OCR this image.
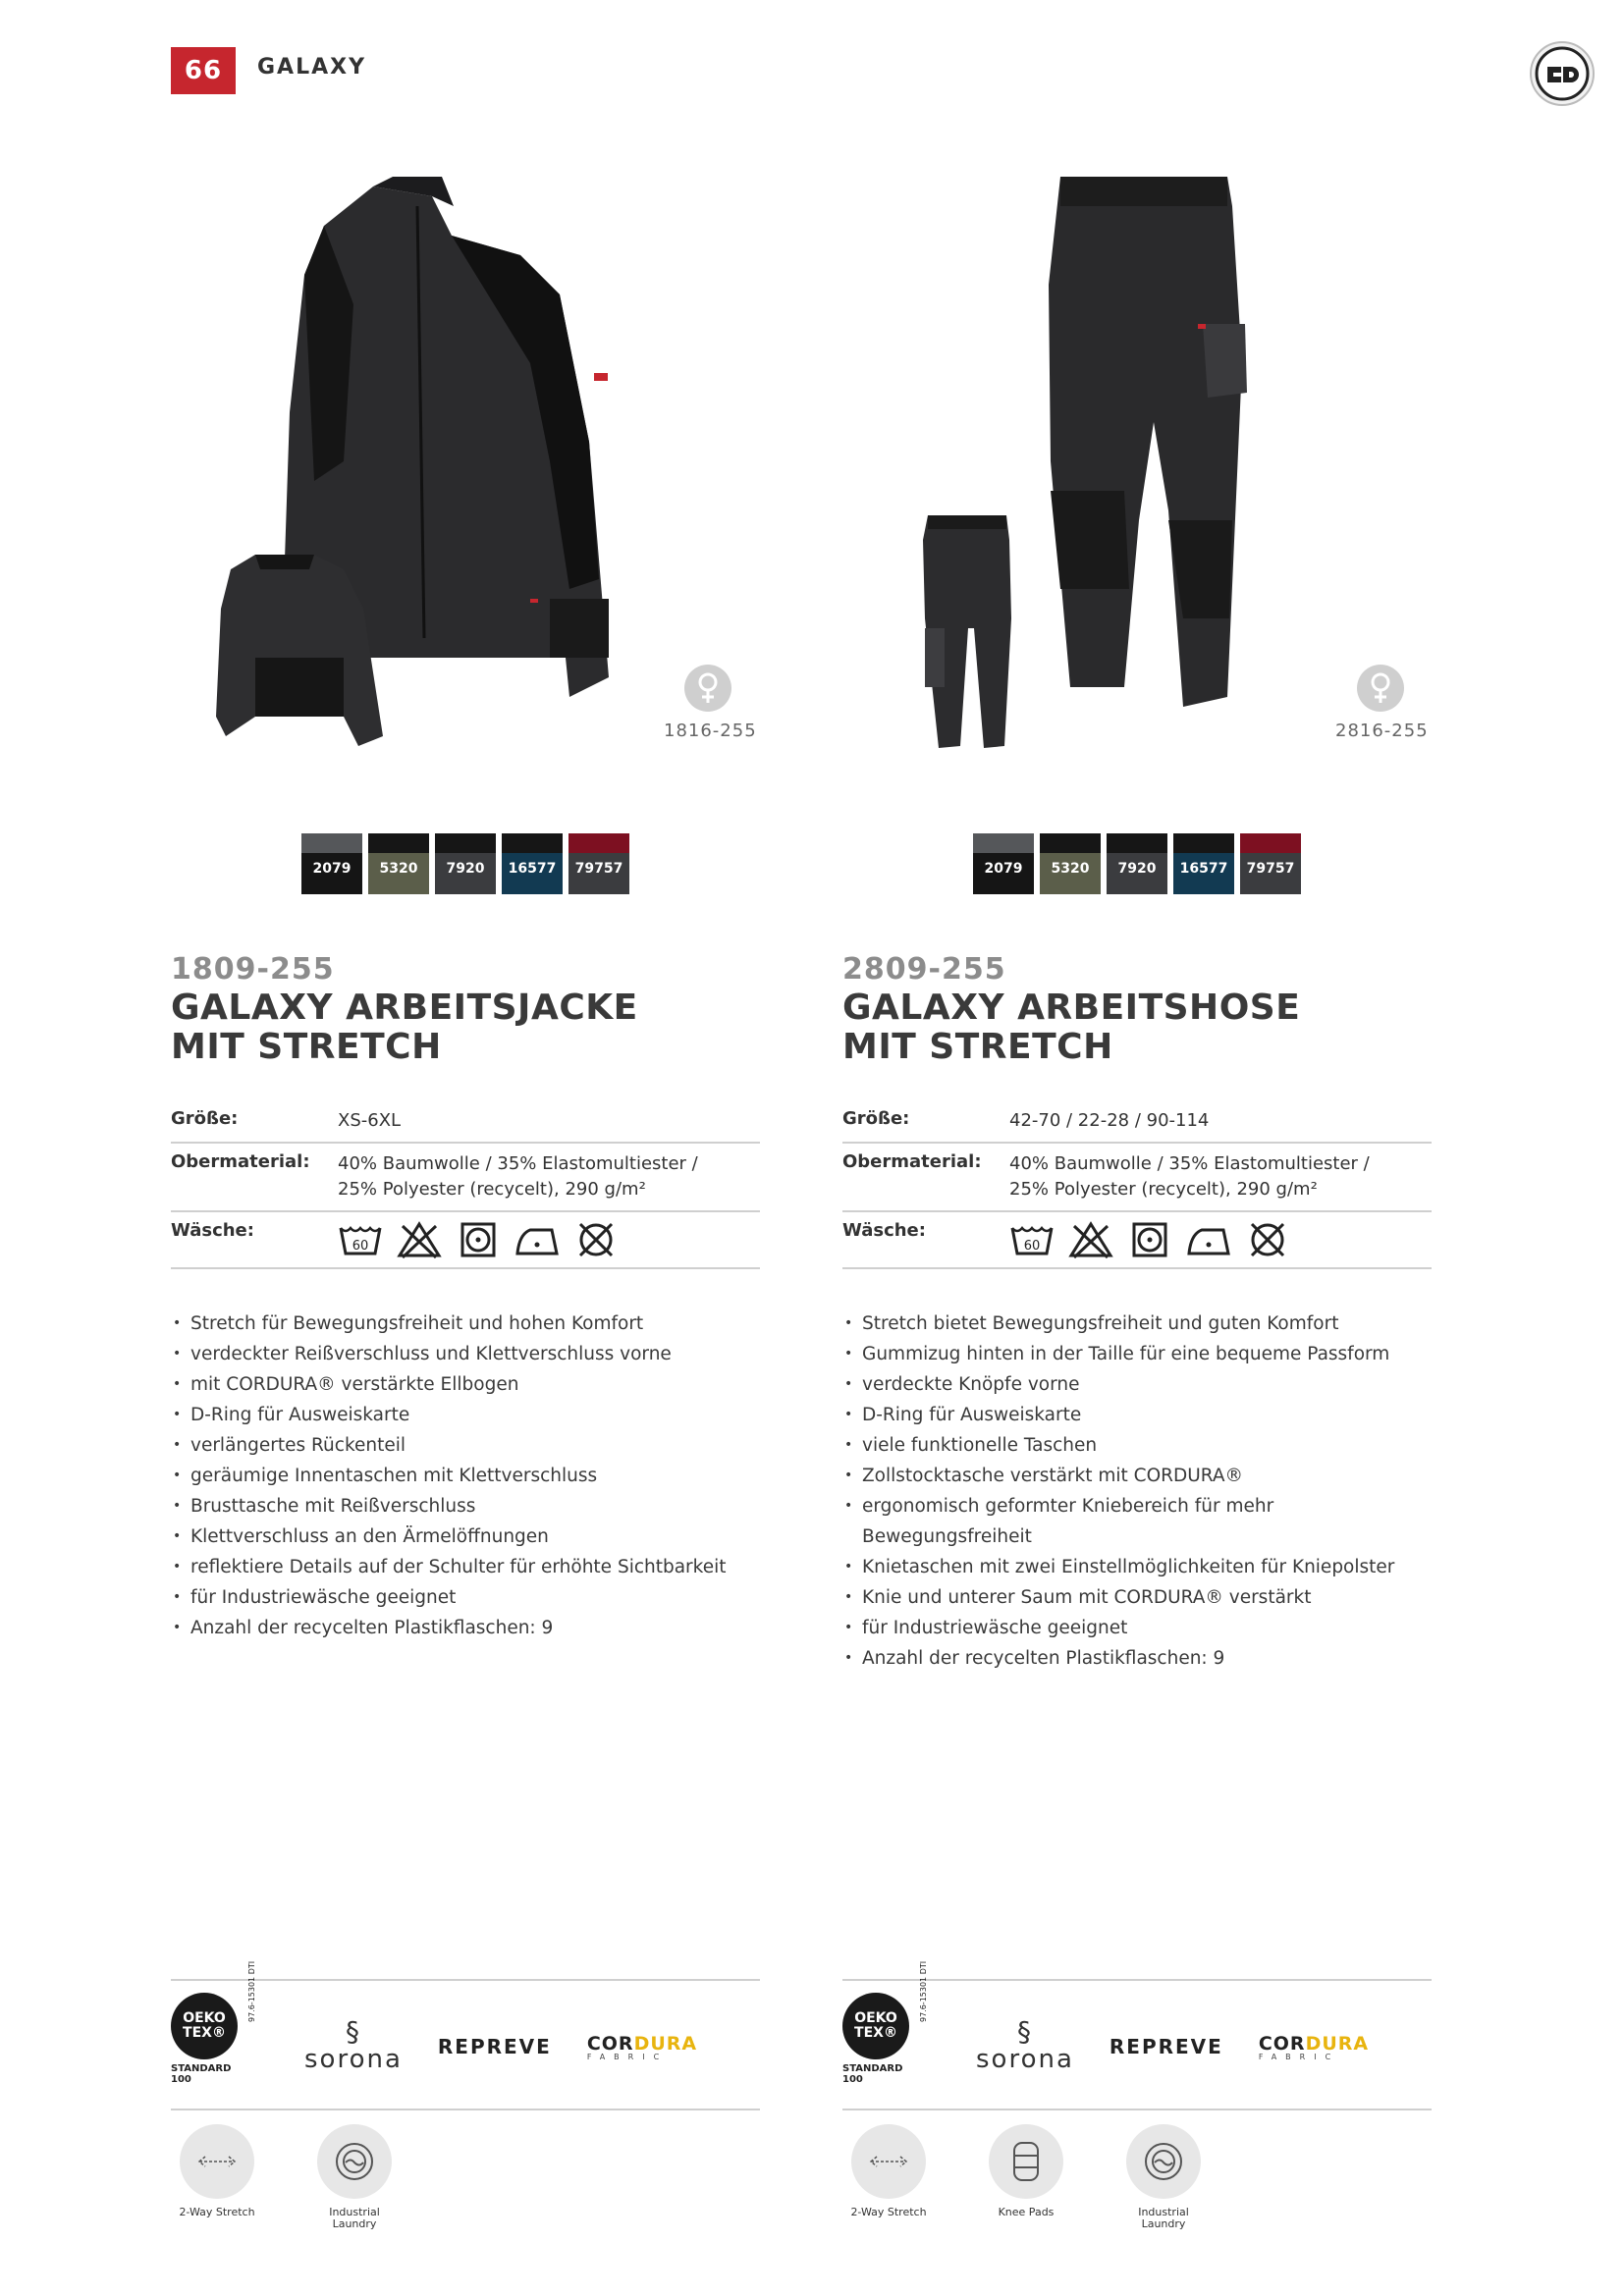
66 GALAXY
1816-255	2816-255
2079	5320	7920	16577	79757	2079	5320	7920	16577	79757
1809-255
GALAXY ARBEITSJACKE
MIT STRETCH
Größe:	XS-6XL
Obermaterial:	40% Baumwolle / 35% Elastomultiester /
25% Polyester (recycelt), 290 g/m²
Wäsche:
60
• Stretch für Bewegungsfreiheit und hohen Komfort
• verdeckter Reißverschluss und Klettverschluss vorne
• mit CORDURA® verstärkte Ellbogen
• D-Ring für Ausweiskarte
• verlängertes Rückenteil
• geräumige Innentaschen mit Klettverschluss
• Brusttasche mit Reißverschluss
• Klettverschluss an den Ärmelöffnungen
• reflektiere Details auf der Schulter für erhöhte Sichtbarkeit
• für Industriewäsche geeignet
• Anzahl der recycelten Plastikflaschen: 9
2809-255
GALAXY ARBEITSHOSE
MIT STRETCH
Größe:	42-70 / 22-28 / 90-114
Obermaterial:	40% Baumwolle / 35% Elastomultiester /
25% Polyester (recycelt), 290 g/m²
Wäsche:
60
• Stretch bietet Bewegungsfreiheit und guten Komfort
• Gummizug hinten in der Taille für eine bequeme Passform
• verdeckte Knöpfe vorne
• D-Ring für Ausweiskarte
• viele funktionelle Taschen
• Zollstocktasche verstärkt mit CORDURA®
• ergonomisch geformter Kniebereich für mehr Bewegungsfreiheit
• Knietaschen mit zwei Einstellmöglichkeiten für Kniepolster
• Knie und unterer Saum mit CORDURA® verstärkt
• für Industriewäsche geeignet
• Anzahl der recycelten Plastikflaschen: 9
OEKO
TEX®
STANDARD
100
97.6-15301 DTI
§
sorona REPREVE CORDURA
FABRIC
OEKO
TEX®
STANDARD
100
97.6-15301 DTI
§
sorona REPREVE CORDURA
FABRIC
2-Way Stretch	Industrial
Laundry
2-Way Stretch	Knee Pads	Industrial
Laundry
